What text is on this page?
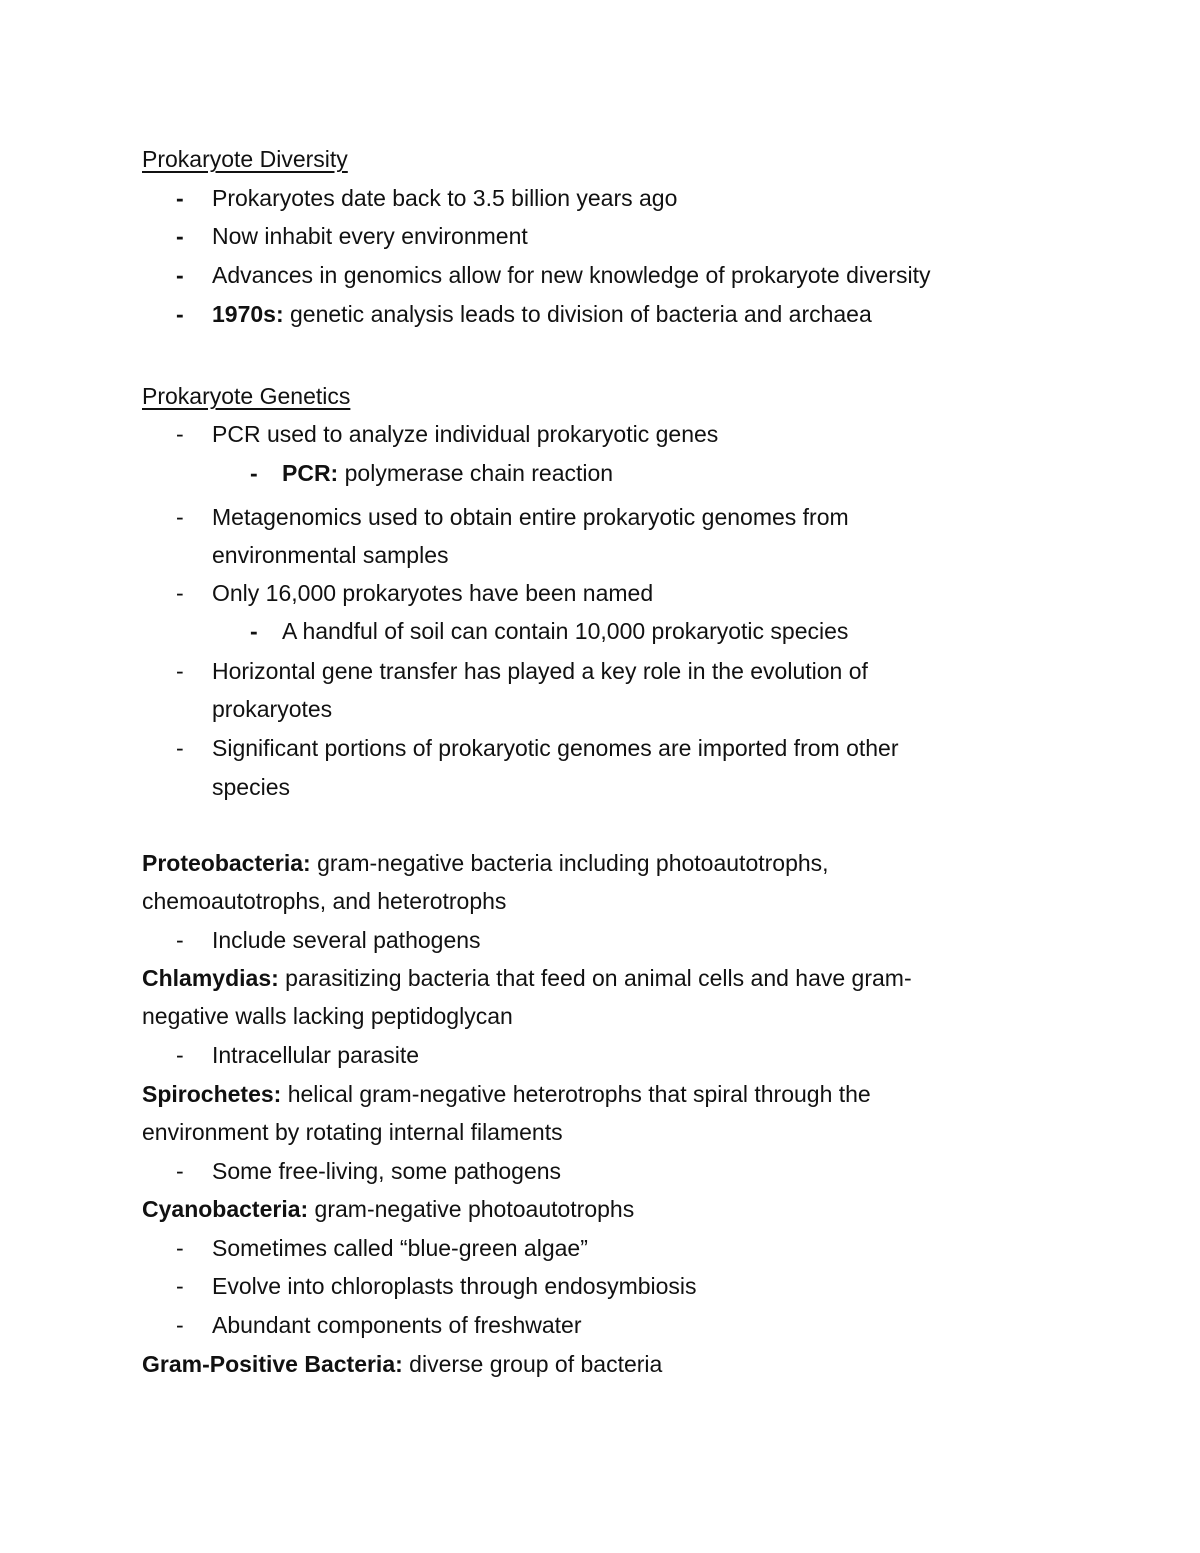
Prokaryote Diversity
- Prokaryotes date back to 3.5 billion years ago
- Now inhabit every environment
- Advances in genomics allow for new knowledge of prokaryote diversity
- 1970s: genetic analysis leads to division of bacteria and archaea
Prokaryote Genetics
- PCR used to analyze individual prokaryotic genes
- PCR: polymerase chain reaction
- Metagenomics used to obtain entire prokaryotic genomes from
environmental samples
- Only 16,000 prokaryotes have been named
- A handful of soil can contain 10,000 prokaryotic species
- Horizontal gene transfer has played a key role in the evolution of
prokaryotes
- Significant portions of prokaryotic genomes are imported from other
species
Proteobacteria: gram-negative bacteria including photoautotrophs,
chemoautotrophs, and heterotrophs
- Include several pathogens
Chlamydias: parasitizing bacteria that feed on animal cells and have gram-
negative walls lacking peptidoglycan
- Intracellular parasite
Spirochetes: helical gram-negative heterotrophs that spiral through the
environment by rotating internal filaments
- Some free-living, some pathogens
Cyanobacteria: gram-negative photoautotrophs
- Sometimes called “blue-green algae”
- Evolve into chloroplasts through endosymbiosis
- Abundant components of freshwater
Gram-Positive Bacteria: diverse group of bacteria
